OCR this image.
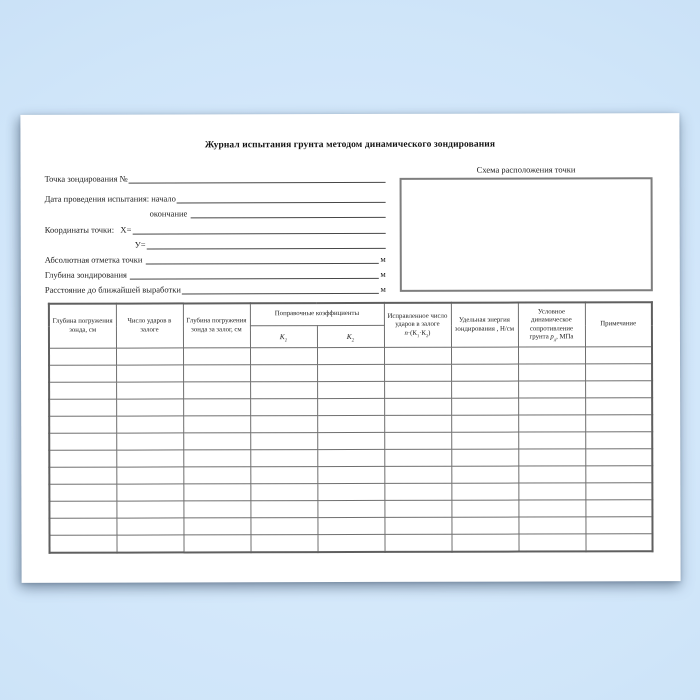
Журнал испытания грунта методом динамического зондирования
Точка зондирования №
Дата проведения испытания: начало
окончание
Координаты точки:   Х=
У=
Абсолютная отметка точки	м
Глубина зондирования	м
Расстояние до ближайшей выработки	м
Схема расположения точки
Глубина погружения зонда, см	Число ударов в залоге	Глубина погружения зонда за залог, см	Поправочные коэффициенты		Исправленное число ударов в залоге $n\cdot(К_1\cdot К_2)$	Удельная энергия зондирования , Н/см	Условное динамическое сопротивление грунта $р_д$, МПа	Примечание
			$К_1$	$К_2$
